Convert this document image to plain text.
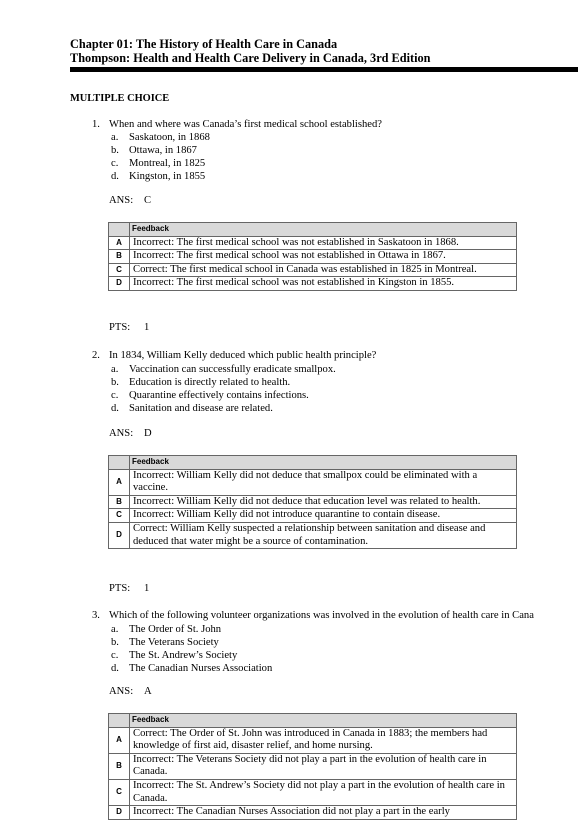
Chapter 01: The History of Health Care in Canada
Thompson: Health and Health Care Delivery in Canada, 3rd Edition
MULTIPLE CHOICE
1. When and where was Canada’s first medical school established?
a. Saskatoon, in 1868
b. Ottawa, in 1867
c. Montreal, in 1825
d. Kingston, in 1855
ANS: C
	Feedback
A	Incorrect: The first medical school was not established in Saskatoon in 1868.
B	Incorrect: The first medical school was not established in Ottawa in 1867.
C	Correct: The first medical school in Canada was established in 1825 in Montreal.
D	Incorrect: The first medical school was not established in Kingston in 1855.
PTS: 1
2. In 1834, William Kelly deduced which public health principle?
a. Vaccination can successfully eradicate smallpox.
b. Education is directly related to health.
c. Quarantine effectively contains infections.
d. Sanitation and disease are related.
ANS: D
	Feedback
A	Incorrect: William Kelly did not deduce that smallpox could be eliminated with a vaccine.
B	Incorrect: William Kelly did not deduce that education level was related to health.
C	Incorrect: William Kelly did not introduce quarantine to contain disease.
D	Correct: William Kelly suspected a relationship between sanitation and disease and deduced that water might be a source of contamination.
PTS: 1
3. Which of the following volunteer organizations was involved in the evolution of health care in Cana
a. The Order of St. John
b. The Veterans Society
c. The St. Andrew’s Society
d. The Canadian Nurses Association
ANS: A
	Feedback
A	Correct: The Order of St. John was introduced in Canada in 1883; the members had knowledge of first aid, disaster relief, and home nursing.
B	Incorrect: The Veterans Society did not play a part in the evolution of health care in Canada.
C	Incorrect: The St. Andrew’s Society did not play a part in the evolution of health care in Canada.
D	Incorrect: The Canadian Nurses Association did not play a part in the early
